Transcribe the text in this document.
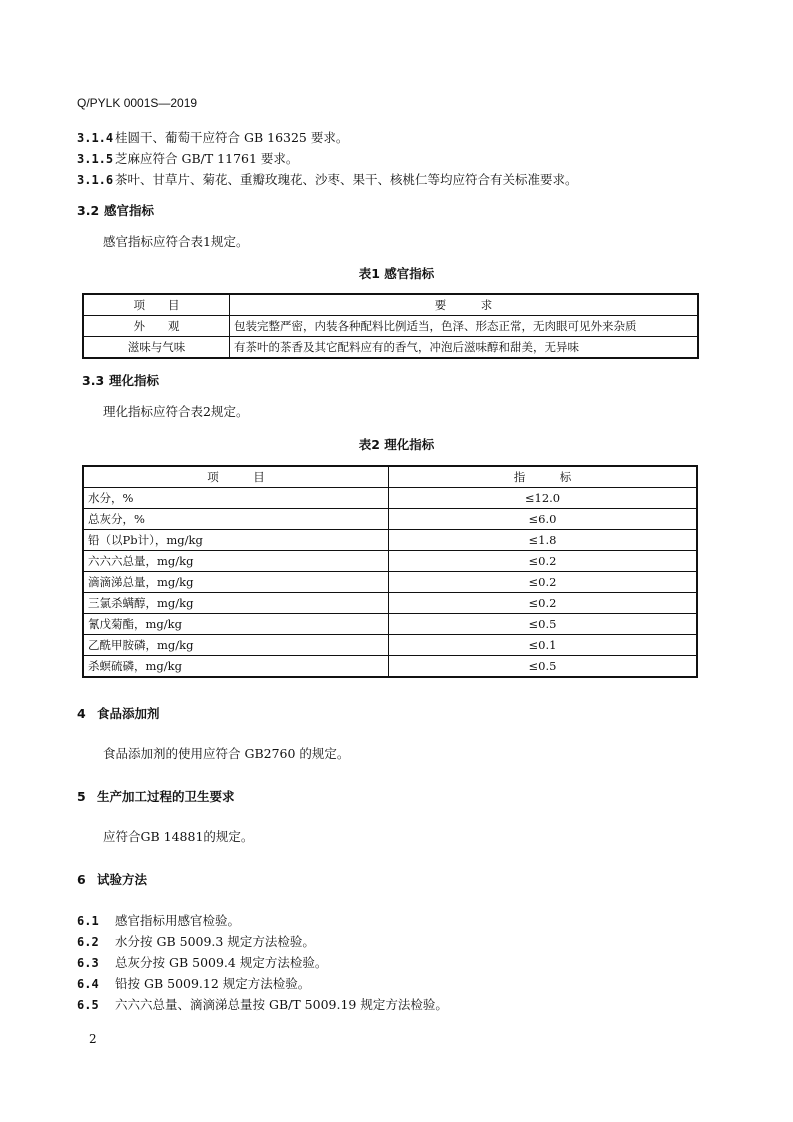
Q/PYLK 0001S—2019
3.1.4 桂圆干、葡萄干应符合 GB 16325 要求。
3.1.5 芝麻应符合 GB/T 11761 要求。
3.1.6 茶叶、甘草片、菊花、重瓣玫瑰花、沙枣、果干、核桃仁等均应符合有关标准要求。
3.2 感官指标
感官指标应符合表1规定。
表1 感官指标
项　　目	要　　　求
外　　观	包装完整严密，内装各种配料比例适当，色泽、形态正常，无肉眼可见外来杂质
滋味与气味	有茶叶的茶香及其它配料应有的香气，冲泡后滋味醇和甜美，无异味
3.3 理化指标
理化指标应符合表2规定。
表2 理化指标
项　　　目	指　　　标
水分，%	≤12.0
总灰分，%	≤6.0
铅（以Pb计），mg/kg	≤1.8
六六六总量，mg/kg	≤0.2
滴滴涕总量，mg/kg	≤0.2
三氯杀螨醇，mg/kg	≤0.2
氰戊菊酯，mg/kg	≤0.5
乙酰甲胺磷，mg/kg	≤0.1
杀螟硫磷，mg/kg	≤0.5
4 食品添加剂
食品添加剂的使用应符合 GB2760 的规定。
5 生产加工过程的卫生要求
应符合GB 14881的规定。
6 试验方法
6.1 感官指标用感官检验。
6.2 水分按 GB 5009.3 规定方法检验。
6.3 总灰分按 GB 5009.4 规定方法检验。
6.4 铅按 GB 5009.12 规定方法检验。
6.5 六六六总量、滴滴涕总量按 GB/T 5009.19 规定方法检验。
2
